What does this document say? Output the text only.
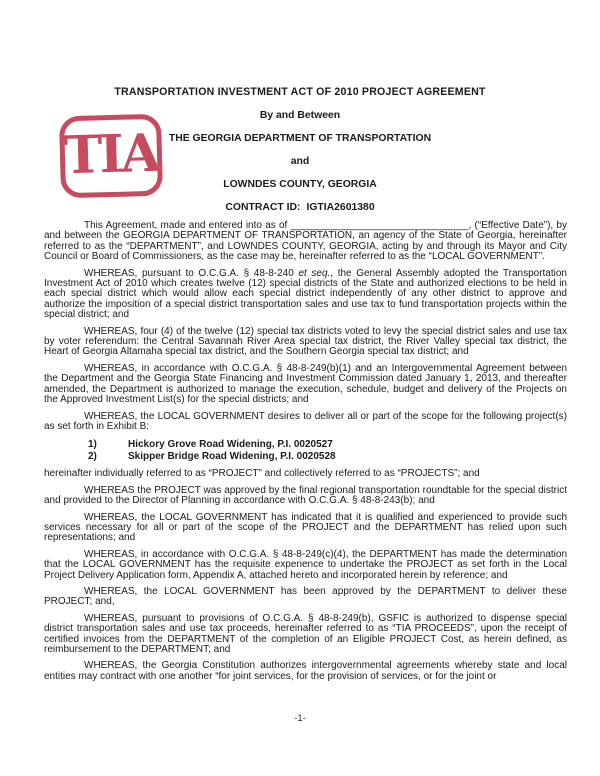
TIA
TRANSPORTATION INVESTMENT ACT OF 2010 PROJECT AGREEMENT
By and Between
THE GEORGIA DEPARTMENT OF TRANSPORTATION
and
LOWNDES COUNTY, GEORGIA
CONTRACT ID: IGTIA2601380

This Agreement, made and entered into as of ________________________________, (“Effective Date”), by and between the GEORGIA DEPARTMENT OF TRANSPORTATION, an agency of the State of Georgia, hereinafter referred to as the “DEPARTMENT”, and LOWNDES COUNTY, GEORGIA, acting by and through its Mayor and City Council or Board of Commissioners, as the case may be, hereinafter referred to as the “LOCAL GOVERNMENT”.

WHEREAS, pursuant to O.C.G.A. § 48-8-240 et seq., the General Assembly adopted the Transportation Investment Act of 2010 which creates twelve (12) special districts of the State and authorized elections to be held in each special district which would allow each special district independently of any other district to approve and authorize the imposition of a special district transportation sales and use tax to fund transportation projects within the special district; and

WHEREAS, four (4) of the twelve (12) special tax districts voted to levy the special district sales and use tax by voter referendum: the Central Savannah River Area special tax district, the River Valley special tax district, the Heart of Georgia Altamaha special tax district, and the Southern Georgia special tax district; and

WHEREAS, in accordance with O.C.G.A. § 48-8-249(b)(1) and an Intergovernmental Agreement between the Department and the Georgia State Financing and Investment Commission dated January 1, 2013, and thereafter amended, the Department is authorized to manage the execution, schedule, budget and delivery of the Projects on the Approved Investment List(s) for the special districts; and

WHEREAS, the LOCAL GOVERNMENT desires to deliver all or part of the scope for the following project(s) as set forth in Exhibit B:

1)	Hickory Grove Road Widening, P.I. 0020527
2)	Skipper Bridge Road Widening, P.I. 0020528

hereinafter individually referred to as “PROJECT” and collectively referred to as “PROJECTS”; and

WHEREAS the PROJECT was approved by the final regional transportation roundtable for the special district and provided to the Director of Planning in accordance with O.C.G.A. § 48-8-243(b); and

WHEREAS, the LOCAL GOVERNMENT has indicated that it is qualified and experienced to provide such services necessary for all or part of the scope of the PROJECT and the DEPARTMENT has relied upon such representations; and

WHEREAS, in accordance with O.C.G.A. § 48-8-249(c)(4), the DEPARTMENT has made the determination that the LOCAL GOVERNMENT has the requisite experience to undertake the PROJECT as set forth in the Local Project Delivery Application form, Appendix A, attached hereto and incorporated herein by reference; and

WHEREAS, the LOCAL GOVERNMENT has been approved by the DEPARTMENT to deliver these PROJECT; and,

WHEREAS, pursuant to provisions of O.C.G.A. § 48-8-249(b), GSFIC is authorized to dispense special district transportation sales and use tax proceeds, hereinafter referred to as “TIA PROCEEDS”, upon the receipt of certified invoices from the DEPARTMENT of the completion of an Eligible PROJECT Cost, as herein defined, as reimbursement to the DEPARTMENT; and

WHEREAS, the Georgia Constitution authorizes intergovernmental agreements whereby state and local entities may contract with one another “for joint services, for the provision of services, or for the joint or

-1-
